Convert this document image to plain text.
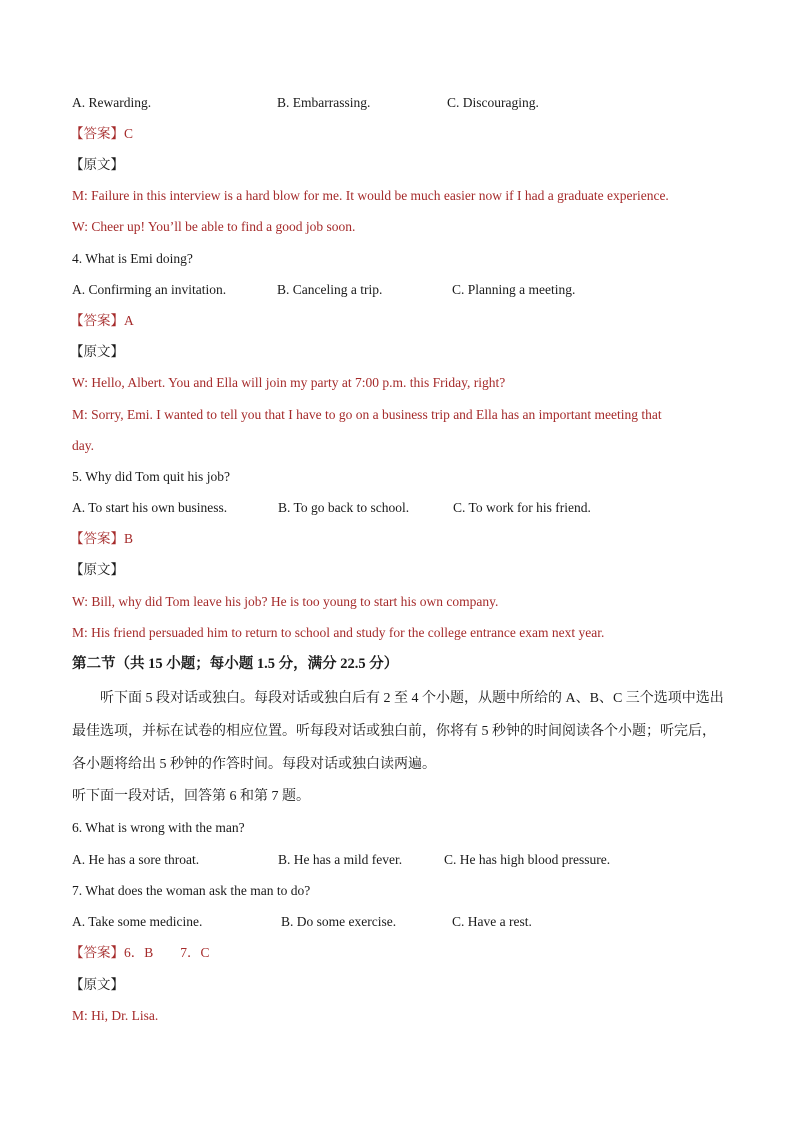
A. Rewarding.	B. Embarrassing.	C. Discouraging.
【答案】C
【原文】
M: Failure in this interview is a hard blow for me. It would be much easier now if I had a graduate experience.
W: Cheer up! You’ll be able to find a good job soon.
4. What is Emi doing?
A. Confirming an invitation.	B. Canceling a trip.	C. Planning a meeting.
【答案】A
【原文】
W: Hello, Albert. You and Ella will join my party at 7:00 p.m. this Friday, right?
M: Sorry, Emi. I wanted to tell you that I have to go on a business trip and Ella has an important meeting that
day.
5. Why did Tom quit his job?
A. To start his own business.	B. To go back to school.	C. To work for his friend.
【答案】B
【原文】
W: Bill, why did Tom leave his job? He is too young to start his own company.
M: His friend persuaded him to return to school and study for the college entrance exam next year.
第二节（共 15 小题；每小题 1.5 分，满分 22.5 分）
听下面 5 段对话或独白。每段对话或独白后有 2 至 4 个小题，从题中所给的 A、B、C 三个选项中选出
最佳选项，并标在试卷的相应位置。听每段对话或独白前，你将有 5 秒钟的时间阅读各个小题；听完后，
各小题将给出 5 秒钟的作答时间。每段对话或独白读两遍。
听下面一段对话，回答第 6 和第 7 题。
6. What is wrong with the man?
A. He has a sore throat.	B. He has a mild fever.	C. He has high blood pressure.
7. What does the woman ask the man to do?
A. Take some medicine.	B. Do some exercise.	C. Have a rest.
【答案】6．B　　7．C
【原文】
M: Hi, Dr. Lisa.
